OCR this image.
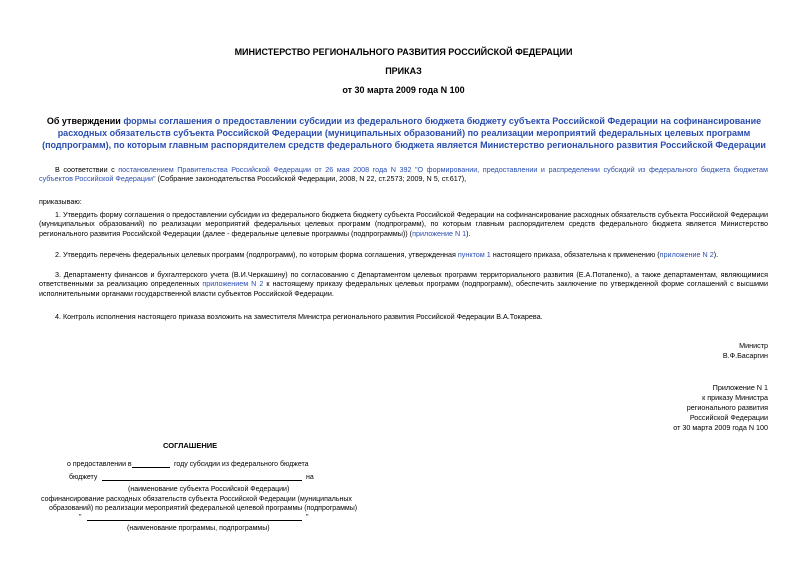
МИНИСТЕРСТВО РЕГИОНАЛЬНОГО РАЗВИТИЯ РОССИЙСКОЙ ФЕДЕРАЦИИ
ПРИКАЗ
от 30 марта 2009 года N 100
Об утверждении формы соглашения о предоставлении субсидии из федерального бюджета бюджету субъекта Российской Федерации на софинансирование
расходных обязательств субъекта Российской Федерации (муниципальных образований) по реализации мероприятий федеральных целевых программ
(подпрограмм), по которым главным распорядителем средств федерального бюджета является Министерство регионального развития Российской Федерации
В соответствии с постановлением Правительства Российской Федерации от 26 мая 2008 года N 392 "О формировании, предоставлении и распределении субсидий из федерального бюджета бюджетам субъектов Российской Федерации" (Собрание законодательства Российской Федерации, 2008, N 22, ст.2573; 2009, N 5, ст.617),
приказываю:
1. Утвердить форму соглашения о предоставлении субсидии из федерального бюджета бюджету субъекта Российской Федерации на софинансирование расходных обязательств субъекта Российской Федерации (муниципальных образований) по реализации мероприятий федеральных целевых программ (подпрограмм), по которым главным распорядителем средств федерального бюджета является Министерство регионального развития Российской Федерации (далее - федеральные целевые программы (подпрограммы)) (приложение N 1).
2. Утвердить перечень федеральных целевых программ (подпрограмм), по которым форма соглашения, утвержденная пунктом 1 настоящего приказа, обязательна к применению (приложение N 2).
3. Департаменту финансов и бухгалтерского учета (В.И.Черкашину) по согласованию с Департаментом целевых программ территориального развития (Е.А.Потапенко), а также департаментам, являющимися ответственными за реализацию определенных приложением N 2 к настоящему приказу федеральных целевых программ (подпрограмм), обеспечить заключение по утвержденной форме соглашений с высшими исполнительными органами государственной власти субъектов Российской Федерации.
4. Контроль исполнения настоящего приказа возложить на заместителя Министра регионального развития Российской Федерации В.А.Токарева.
Министр
В.Ф.Басаргин
Приложение N 1
к приказу Министра
регионального развития
Российской Федерации
от 30 марта 2009 года N 100
СОГЛАШЕНИЕ
о предоставлении в	году субсидии из федерального бюджета
бюджету	на
(наименование субъекта Российской Федерации)
софинансирование расходных обязательств субъекта Российской Федерации (муниципальных
образований) по реализации мероприятий федеральной целевой программы (подпрограммы)
"	"
(наименование программы, подпрограммы)
